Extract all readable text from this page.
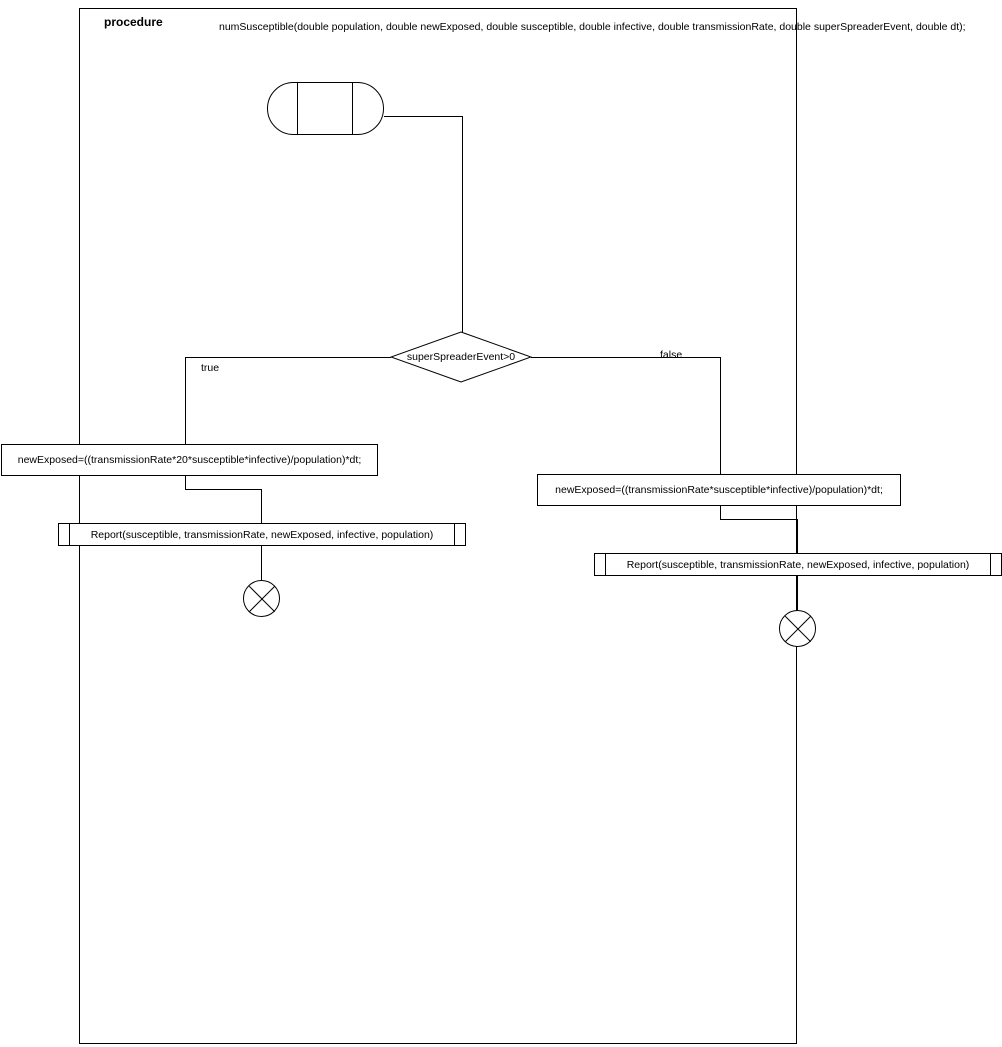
procedure	numSusceptible(double population, double newExposed, double susceptible, double infective, double transmissionRate, double superSpreaderEvent, double dt);
superSpreaderEvent>0
true
newExposed=((transmissionRate*20*susceptible*infective)/population)*dt;
Report(susceptible, transmissionRate, newExposed, infective, population)
false
newExposed=((transmissionRate*susceptible*infective)/population)*dt;
Report(susceptible, transmissionRate, newExposed, infective, population)
